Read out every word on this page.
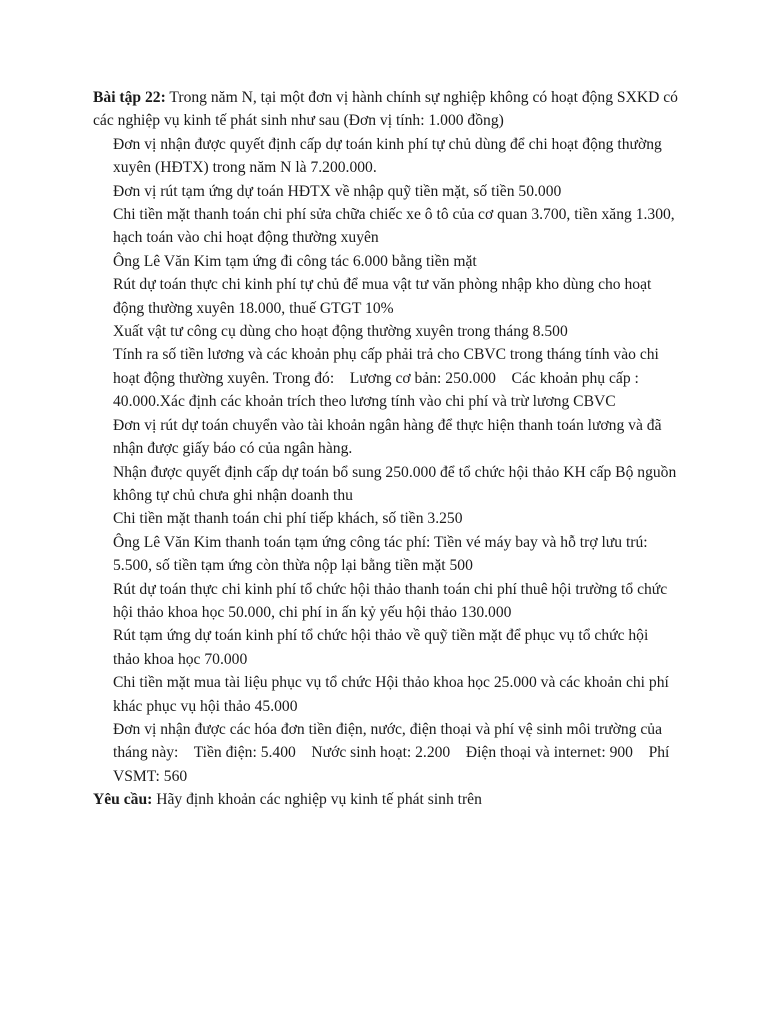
Bài tập 22: Trong năm N, tại một đơn vị hành chính sự nghiệp không có hoạt động SXKD có các nghiệp vụ kinh tế phát sinh như sau (Đơn vị tính: 1.000 đồng)

Đơn vị nhận được quyết định cấp dự toán kinh phí tự chủ dùng để chi hoạt động thường xuyên (HĐTX) trong năm N là 7.200.000.

Đơn vị rút tạm ứng dự toán HĐTX về nhập quỹ tiền mặt, số tiền 50.000

Chi tiền mặt thanh toán chi phí sửa chữa chiếc xe ô tô của cơ quan 3.700, tiền xăng 1.300, hạch toán vào chi hoạt động thường xuyên

Ông Lê Văn Kim tạm ứng đi công tác 6.000 bằng tiền mặt

Rút dự toán thực chi kinh phí tự chủ để mua vật tư văn phòng nhập kho dùng cho hoạt động thường xuyên 18.000, thuế GTGT 10%

Xuất vật tư công cụ dùng cho hoạt động thường xuyên trong tháng 8.500

Tính ra số tiền lương và các khoản phụ cấp phải trả cho CBVC trong tháng tính vào chi hoạt động thường xuyên. Trong đó:    Lương cơ bản: 250.000    Các khoản phụ cấp : 40.000.Xác định các khoản trích theo lương tính vào chi phí và trừ lương CBVC

Đơn vị rút dự toán chuyển vào tài khoản ngân hàng để thực hiện thanh toán lương và đã nhận được giấy báo có của ngân hàng.

Nhận được quyết định cấp dự toán bổ sung 250.000 để tổ chức hội thảo KH cấp Bộ nguồn không tự chủ chưa ghi nhận doanh thu

Chi tiền mặt thanh toán chi phí tiếp khách, số tiền 3.250

Ông Lê Văn Kim thanh toán tạm ứng công tác phí: Tiền vé máy bay và hỗ trợ lưu trú: 5.500, số tiền tạm ứng còn thừa nộp lại bằng tiền mặt 500

Rút dự toán thực chi kinh phí tổ chức hội thảo thanh toán chi phí thuê hội trường tổ chức hội thảo khoa học 50.000, chi phí in ấn kỷ yếu hội thảo 130.000

Rút tạm ứng dự toán kinh phí tổ chức hội thảo về quỹ tiền mặt để phục vụ tổ chức hội thảo khoa học 70.000

Chi tiền mặt mua tài liệu phục vụ tổ chức Hội thảo khoa học 25.000 và các khoản chi phí khác phục vụ hội thảo 45.000

Đơn vị nhận được các hóa đơn tiền điện, nước, điện thoại và phí vệ sinh môi trường của tháng này:    Tiền điện: 5.400    Nước sinh hoạt: 2.200    Điện thoại và internet: 900    Phí VSMT: 560

Yêu cầu: Hãy định khoản các nghiệp vụ kinh tế phát sinh trên
